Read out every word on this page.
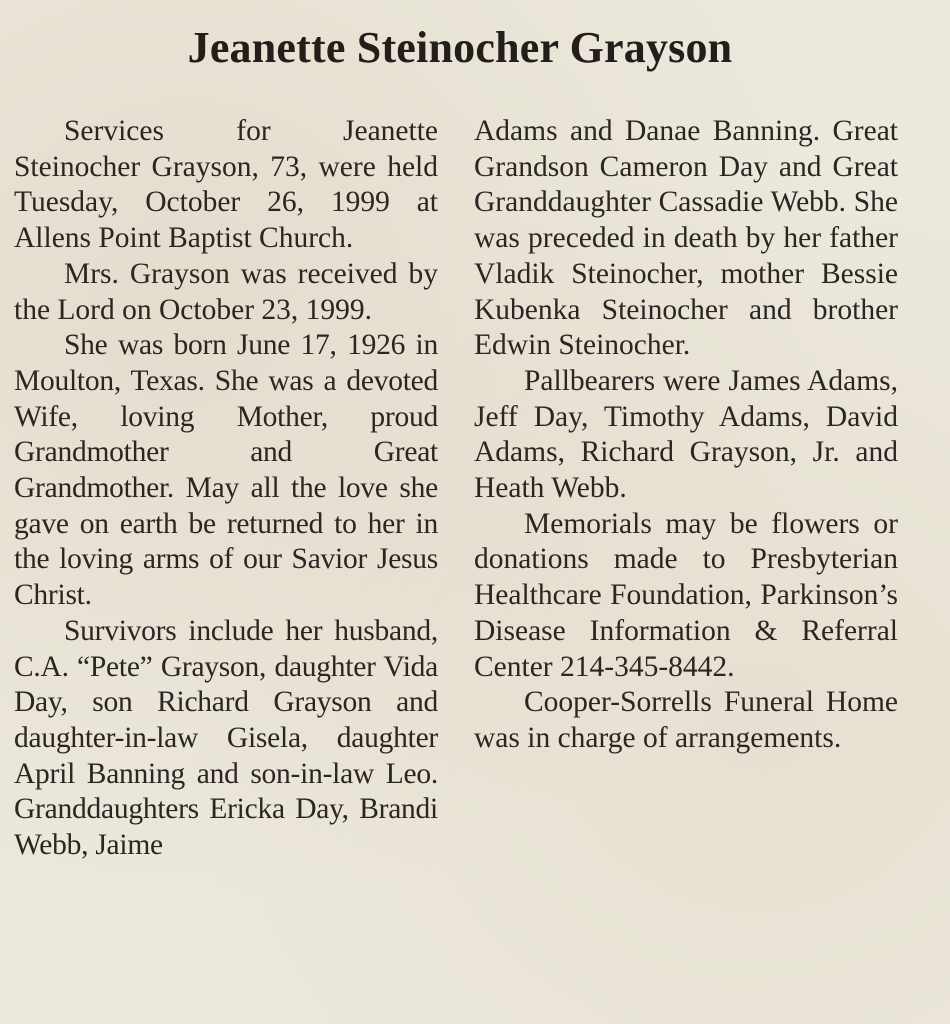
Jeanette Steinocher Grayson

Services for Jeanette Steinocher Grayson, 73, were held Tuesday, October 26, 1999 at Allens Point Baptist Church.

Mrs. Grayson was received by the Lord on October 23, 1999.

She was born June 17, 1926 in Moulton, Texas. She was a devoted Wife, loving Mother, proud Grandmother and Great Grandmother. May all the love she gave on earth be returned to her in the loving arms of our Savior Jesus Christ.

Survivors include her husband, C.A. “Pete” Grayson, daughter Vida Day, son Richard Grayson and daughter-in-law Gisela, daughter April Banning and son-in-law Leo. Granddaughters Ericka Day, Brandi Webb, Jaime

Adams and Danae Banning. Great Grandson Cameron Day and Great Granddaughter Cassadie Webb. She was preceded in death by her father Vladik Steinocher, mother Bessie Kubenka Steinocher and brother Edwin Steinocher.

Pallbearers were James Adams, Jeff Day, Timothy Adams, David Adams, Richard Grayson, Jr. and Heath Webb.

Memorials may be flowers or donations made to Presbyterian Healthcare Foundation, Parkinson’s Disease Information & Referral Center 214-345-8442.

Cooper-Sorrells Funeral Home was in charge of arrangements.
